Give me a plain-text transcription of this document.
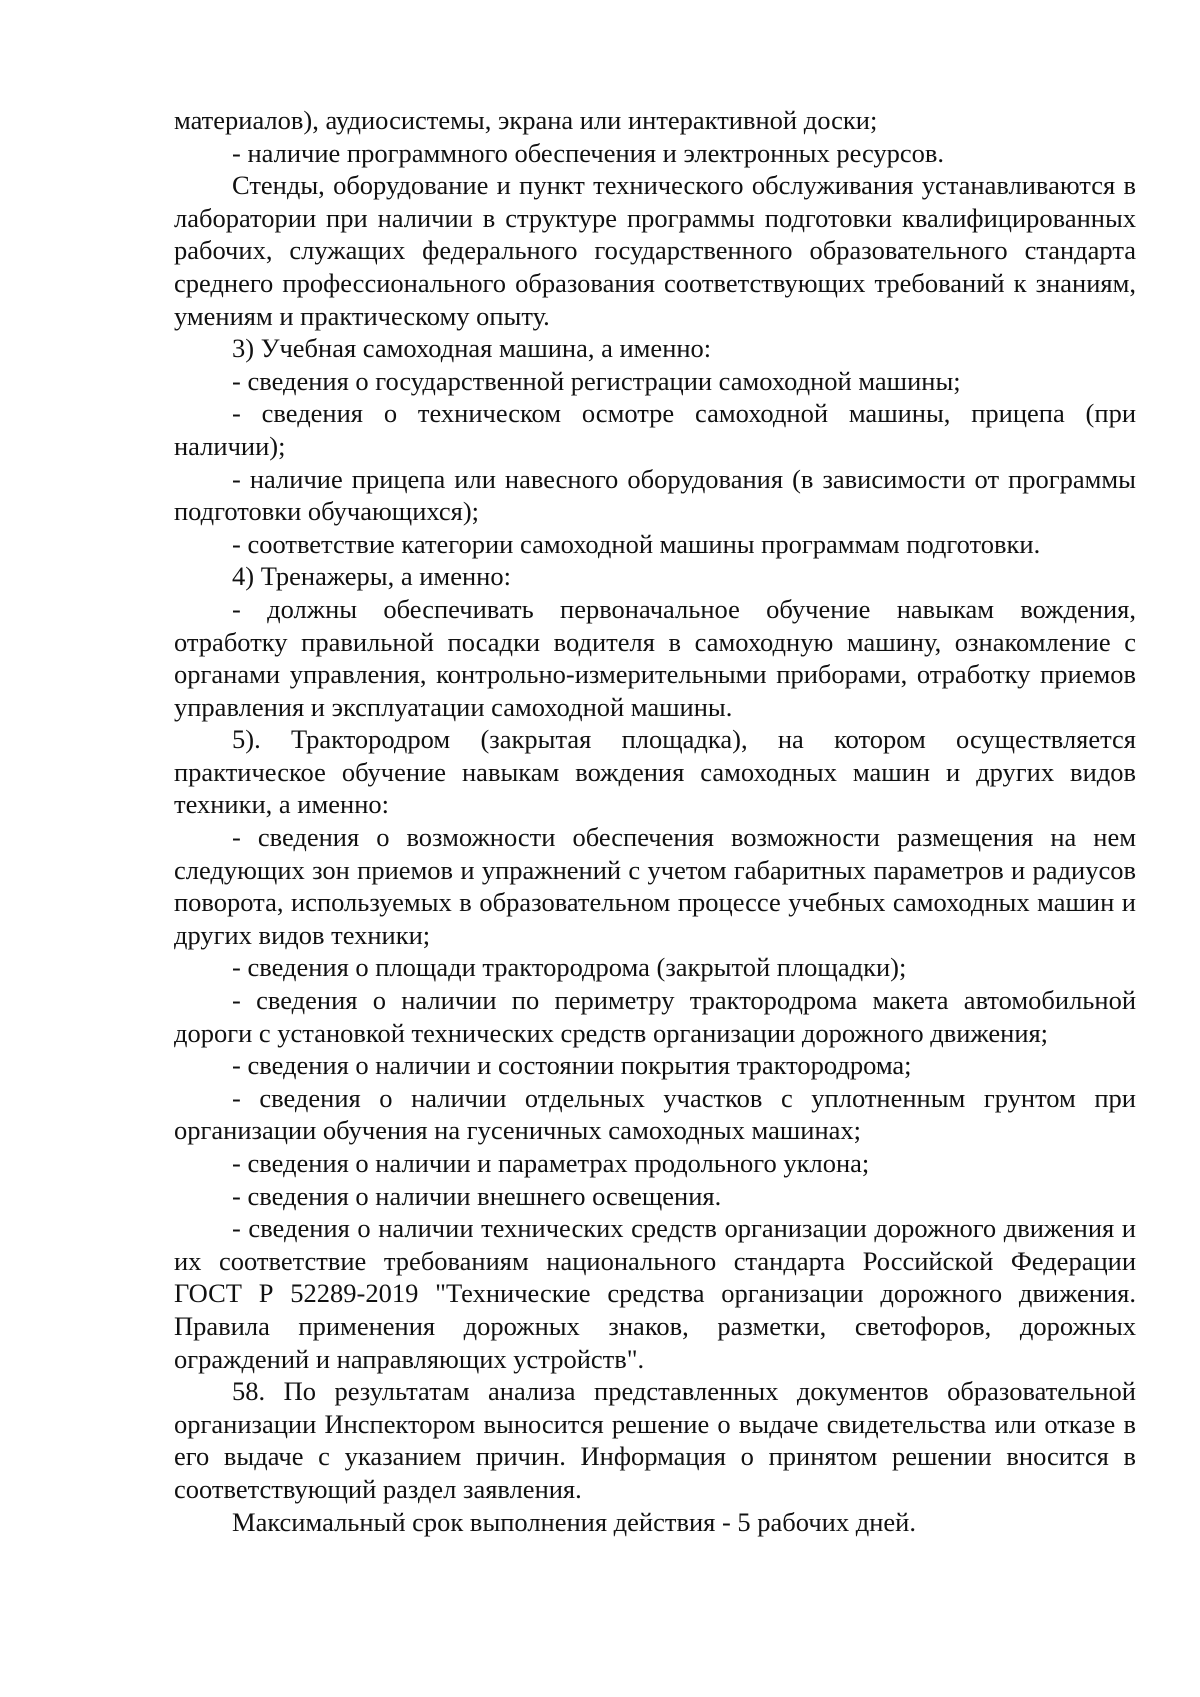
материалов), аудиосистемы, экрана или интерактивной доски;

- наличие программного обеспечения и электронных ресурсов.

Стенды, оборудование и пункт технического обслуживания устанавливаются в лаборатории при наличии в структуре программы подготовки квалифицированных рабочих, служащих федерального государственного образовательного стандарта среднего профессионального образования соответствующих требований к знаниям, умениям и практическому опыту.

3) Учебная самоходная машина, а именно:

- сведения о государственной регистрации самоходной машины;

- сведения о техническом осмотре самоходной машины, прицепа (при наличии);

- наличие прицепа или навесного оборудования (в зависимости от программы подготовки обучающихся);

- соответствие категории самоходной машины программам подготовки.

4) Тренажеры, а именно:

- должны обеспечивать первоначальное обучение навыкам вождения, отработку правильной посадки водителя в самоходную машину, ознакомление с органами управления, контрольно-измерительными приборами, отработку приемов управления и эксплуатации самоходной машины.

5). Трактородром (закрытая площадка), на котором осуществляется практическое обучение навыкам вождения самоходных машин и других видов техники, а именно:

- сведения о возможности обеспечения возможности размещения на нем следующих зон приемов и упражнений с учетом габаритных параметров и радиусов поворота, используемых в образовательном процессе учебных самоходных машин и других видов техники;

- сведения о площади трактородрома (закрытой площадки);

- сведения о наличии по периметру трактородрома макета автомобильной дороги с установкой технических средств организации дорожного движения;

- сведения о наличии и состоянии покрытия трактородрома;

- сведения о наличии отдельных участков с уплотненным грунтом при организации обучения на гусеничных самоходных машинах;

- сведения о наличии и параметрах продольного уклона;

- сведения о наличии внешнего освещения.

- сведения о наличии технических средств организации дорожного движения и их соответствие требованиям национального стандарта Российской Федерации ГОСТ Р 52289-2019 "Технические средства организации дорожного движения. Правила применения дорожных знаков, разметки, светофоров, дорожных ограждений и направляющих устройств".

58. По результатам анализа представленных документов образовательной организации Инспектором выносится решение о выдаче свидетельства или отказе в его выдаче с указанием причин. Информация о принятом решении вносится в соответствующий раздел заявления.

Максимальный срок выполнения действия - 5 рабочих дней.
